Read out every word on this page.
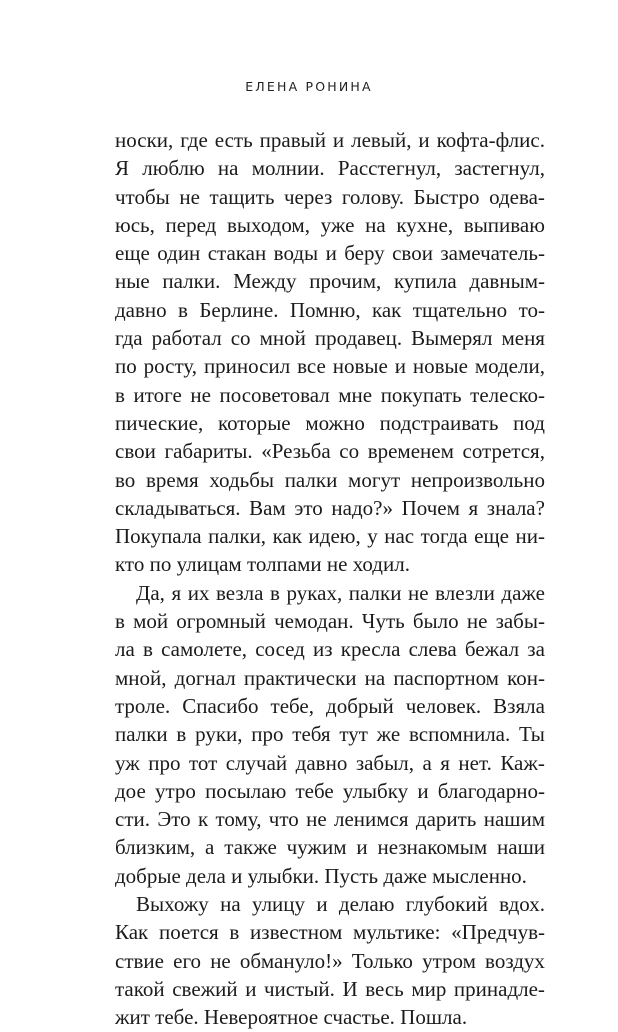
ЕЛЕНА РОНИНА
носки, где есть правый и левый, и кофта-флис.
Я люблю на молнии. Расстегнул, застегнул,
чтобы не тащить через голову. Быстро одева-
юсь, перед выходом, уже на кухне, выпиваю
еще один стакан воды и беру свои замечатель-
ные палки. Между прочим, купила давным-
давно в Берлине. Помню, как тщательно то-
гда работал со мной продавец. Вымерял меня
по росту, приносил все новые и новые модели,
в итоге не посоветовал мне покупать телеско-
пические, которые можно подстраивать под
свои габариты. «Резьба со временем сотрется,
во время ходьбы палки могут непроизвольно
складываться. Вам это надо?» Почем я знала?
Покупала палки, как идею, у нас тогда еще ни-
кто по улицам толпами не ходил.
Да, я их везла в руках, палки не влезли даже
в мой огромный чемодан. Чуть было не забы-
ла в самолете, сосед из кресла слева бежал за
мной, догнал практически на паспортном кон-
троле. Спасибо тебе, добрый человек. Взяла
палки в руки, про тебя тут же вспомнила. Ты
уж про тот случай давно забыл, а я нет. Каж-
дое утро посылаю тебе улыбку и благодарно-
сти. Это к тому, что не ленимся дарить нашим
близким, а также чужим и незнакомым наши
добрые дела и улыбки. Пусть даже мысленно.
Выхожу на улицу и делаю глубокий вдох.
Как поется в известном мультике: «Предчув-
ствие его не обмануло!» Только утром воздух
такой свежий и чистый. И весь мир принадле-
жит тебе. Невероятное счастье. Пошла.
